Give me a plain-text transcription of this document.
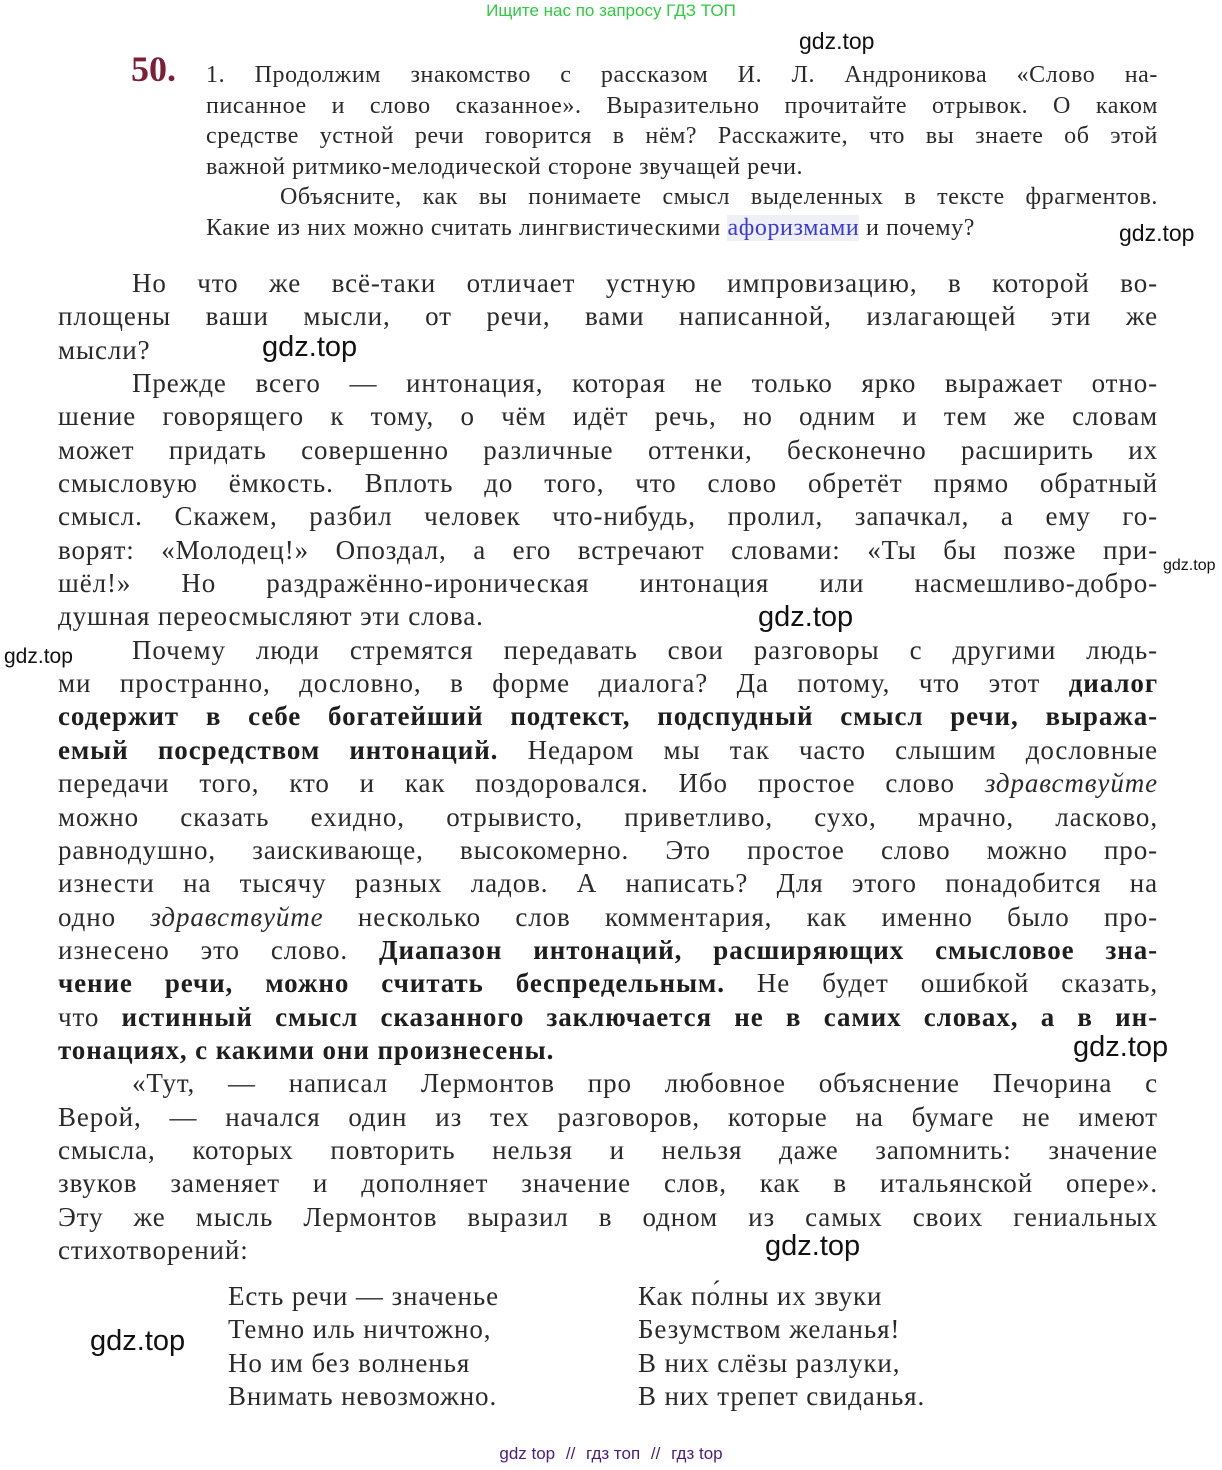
Ищите нас по запросу ГДЗ ТОП
gdz.top
gdz.top
gdz.top
gdz.top
gdz.top
gdz.top
gdz.top
gdz.top
gdz.top
50. 1. Продолжим знакомство с рассказом И. Л. Андроникова «Слово на-
писанное и слово сказанное». Выразительно прочитайте отрывок. О каком
средстве устной речи говорится в нём? Расскажите, что вы знаете об этой
важной ритмико-мелодической стороне звучащей речи.
Объясните, как вы понимаете смысл выделенных в тексте фрагментов.
Какие из них можно считать лингвистическими афоризмами и почему?
Но что же всё-таки отличает устную импровизацию, в которой во-
площены ваши мысли, от речи, вами написанной, излагающей эти же
мысли?
Прежде всего — интонация, которая не только ярко выражает отно-
шение говорящего к тому, о чём идёт речь, но одним и тем же словам
может придать совершенно различные оттенки, бесконечно расширить их
смысловую ёмкость. Вплоть до того, что слово обретёт прямо обратный
смысл. Скажем, разбил человек что-нибудь, пролил, запачкал, а ему го-
ворят: «Молодец!» Опоздал, а его встречают словами: «Ты бы позже при-
шёл!» Но раздражённо-ироническая интонация или насмешливо-добро-
душная переосмысляют эти слова.
Почему люди стремятся передавать свои разговоры с другими людь-
ми пространно, дословно, в форме диалога? Да потому, что этот диалог
содержит в себе богатейший подтекст, подспудный смысл речи, выража-
емый посредством интонаций. Недаром мы так часто слышим дословные
передачи того, кто и как поздоровался. Ибо простое слово здравствуйте
можно сказать ехидно, отрывисто, приветливо, сухо, мрачно, ласково,
равнодушно, заискивающе, высокомерно. Это простое слово можно про-
изнести на тысячу разных ладов. А написать? Для этого понадобится на
одно здравствуйте несколько слов комментария, как именно было про-
изнесено это слово. Диапазон интонаций, расширяющих смысловое зна-
чение речи, можно считать беспредельным. Не будет ошибкой сказать,
что истинный смысл сказанного заключается не в самих словах, а в ин-
тонациях, с какими они произнесены.
«Тут, — написал Лермонтов про любовное объяснение Печорина с
Верой, — начался один из тех разговоров, которые на бумаге не имеют
смысла, которых повторить нельзя и нельзя даже запомнить: значение
звуков заменяет и дополняет значение слов, как в итальянской опере».
Эту же мысль Лермонтов выразил в одном из самых своих гениальных
стихотворений:
Есть речи — значенье
Темно иль ничтожно,
Но им без волненья
Внимать невозможно.
Как по́лны их звуки
Безумством желанья!
В них слёзы разлуки,
В них трепет свиданья.
gdz top // гдз топ // гдз top
